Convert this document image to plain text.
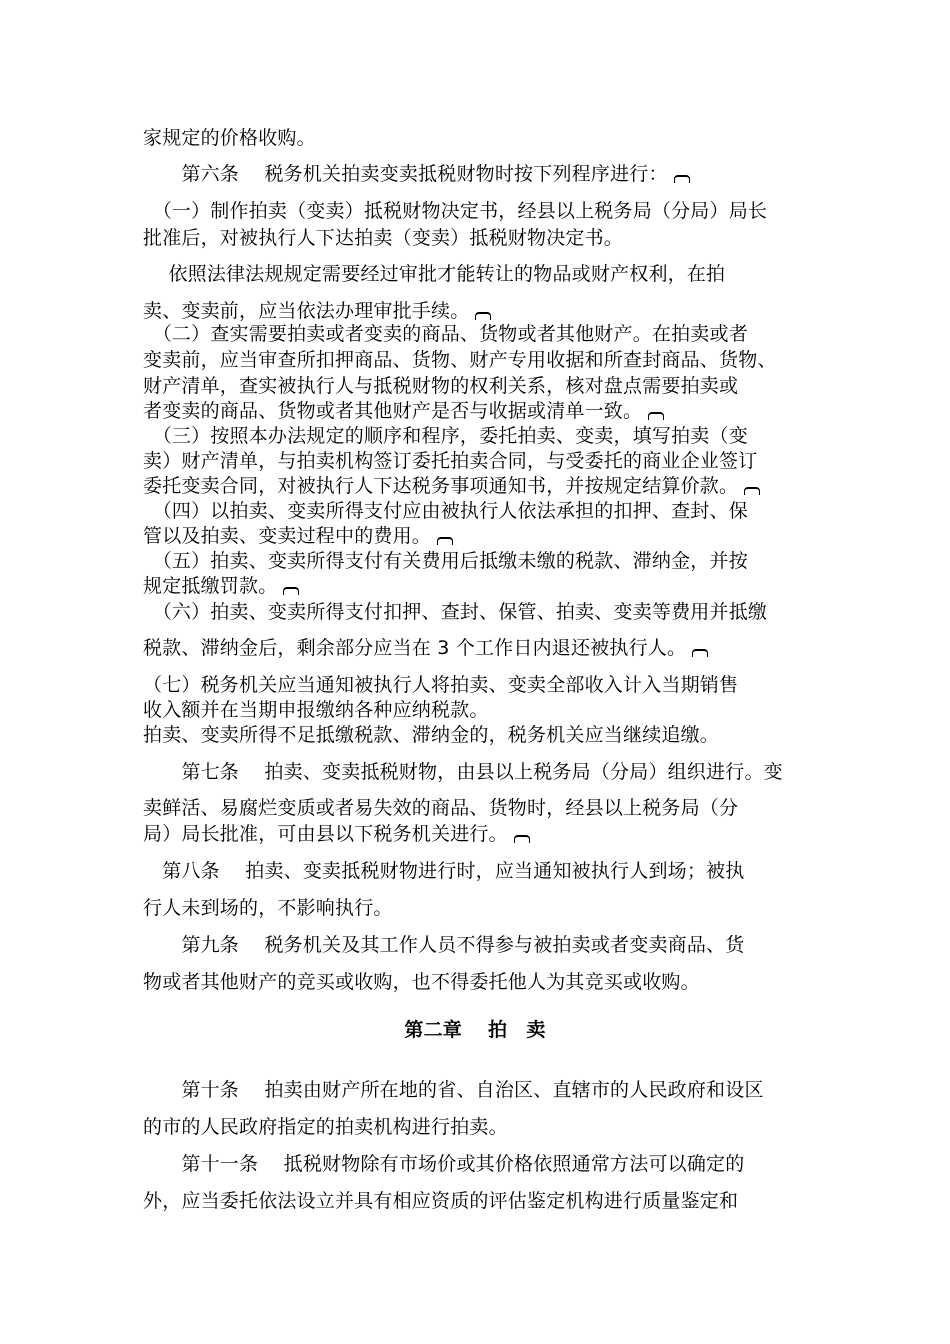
家规定的价格收购。
　　第六条　 税务机关拍卖变卖抵税财物时按下列程序进行：
　（一）制作拍卖（变卖）抵税财物决定书，经县以上税务局（分局）局长
批准后，对被执行人下达拍卖（变卖）抵税财物决定书。
　 依照法律法规规定需要经过审批才能转让的物品或财产权利，在拍
卖、变卖前，应当依法办理审批手续。
　（二）查实需要拍卖或者变卖的商品、货物或者其他财产。在拍卖或者
变卖前，应当审查所扣押商品、货物、财产专用收据和所查封商品、货物、
财产清单，查实被执行人与抵税财物的权利关系，核对盘点需要拍卖或
者变卖的商品、货物或者其他财产是否与收据或清单一致。
　（三）按照本办法规定的顺序和程序，委托拍卖、变卖，填写拍卖（变
卖）财产清单，与拍卖机构签订委托拍卖合同，与受委托的商业企业签订
委托变卖合同，对被执行人下达税务事项通知书，并按规定结算价款。
　（四）以拍卖、变卖所得支付应由被执行人依法承担的扣押、查封、保
管以及拍卖、变卖过程中的费用。
　（五）拍卖、变卖所得支付有关费用后抵缴未缴的税款、滞纳金，并按
规定抵缴罚款。
　（六）拍卖、变卖所得支付扣押、查封、保管、拍卖、变卖等费用并抵缴
税款、滞纳金后，剩余部分应当在 3 个工作日内退还被执行人。
（七）税务机关应当通知被执行人将拍卖、变卖全部收入计入当期销售
收入额并在当期申报缴纳各种应纳税款。
拍卖、变卖所得不足抵缴税款、滞纳金的，税务机关应当继续追缴。
　　第七条　 拍卖、变卖抵税财物，由县以上税务局（分局）组织进行。变
卖鲜活、易腐烂变质或者易失效的商品、货物时，经县以上税务局（分
局）局长批准，可由县以下税务机关进行。
　第八条　 拍卖、变卖抵税财物进行时，应当通知被执行人到场；被执
行人未到场的，不影响执行。
　　第九条　 税务机关及其工作人员不得参与被拍卖或者变卖商品、货
物或者其他财产的竞买或收购，也不得委托他人为其竞买或收购。
第二章　 拍　卖
　　第十条　 拍卖由财产所在地的省、自治区、直辖市的人民政府和设区
的市的人民政府指定的拍卖机构进行拍卖。
　　第十一条　 抵税财物除有市场价或其价格依照通常方法可以确定的
外，应当委托依法设立并具有相应资质的评估鉴定机构进行质量鉴定和
